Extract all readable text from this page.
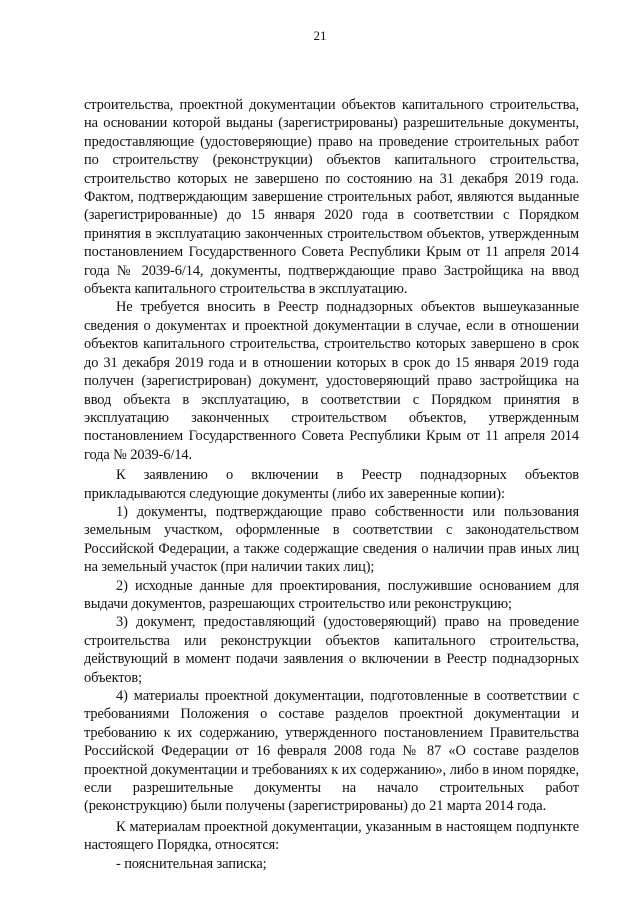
21

строительства, проектной документации объектов капитального строительства, на основании которой выданы (зарегистрированы) разрешительные документы, предоставляющие (удостоверяющие) право на проведение строительных работ по строительству (реконструкции) объектов капитального строительства, строительство которых не завершено по состоянию на 31 декабря 2019 года. Фактом, подтверждающим завершение строительных работ, являются выданные (зарегистрированные) до 15 января 2020 года в соответствии с Порядком принятия в эксплуатацию законченных строительством объектов, утвержденным постановлением Государственного Совета Республики Крым от 11 апреля 2014 года № 2039-6/14, документы, подтверждающие право Застройщика на ввод объекта капитального строительства в эксплуатацию.

Не требуется вносить в Реестр поднадзорных объектов вышеуказанные сведения о документах и проектной документации в случае, если в отношении объектов капитального строительства, строительство которых завершено в срок до 31 декабря 2019 года и в отношении которых в срок до 15 января 2019 года получен (зарегистрирован) документ, удостоверяющий право застройщика на ввод объекта в эксплуатацию, в соответствии с Порядком принятия в эксплуатацию законченных строительством объектов, утвержденным постановлением Государственного Совета Республики Крым от 11 апреля 2014 года № 2039-6/14.

К заявлению о включении в Реестр поднадзорных объектов прикладываются следующие документы (либо их заверенные копии):

1) документы, подтверждающие право собственности или пользования земельным участком, оформленные в соответствии с законодательством Российской Федерации, а также содержащие сведения о наличии прав иных лиц на земельный участок (при наличии таких лиц);

2) исходные данные для проектирования, послужившие основанием для выдачи документов, разрешающих строительство или реконструкцию;

3) документ, предоставляющий (удостоверяющий) право на проведение строительства или реконструкции объектов капитального строительства, действующий в момент подачи заявления о включении в Реестр поднадзорных объектов;

4) материалы проектной документации, подготовленные в соответствии с требованиями Положения о составе разделов проектной документации и требованию к их содержанию, утвержденного постановлением Правительства Российской Федерации от 16 февраля 2008 года № 87 «О составе разделов проектной документации и требованиях к их содержанию», либо в ином порядке, если разрешительные документы на начало строительных работ (реконструкцию) были получены (зарегистрированы) до 21 марта 2014 года.

К материалам проектной документации, указанным в настоящем подпункте настоящего Порядка, относятся:

- пояснительная записка;
